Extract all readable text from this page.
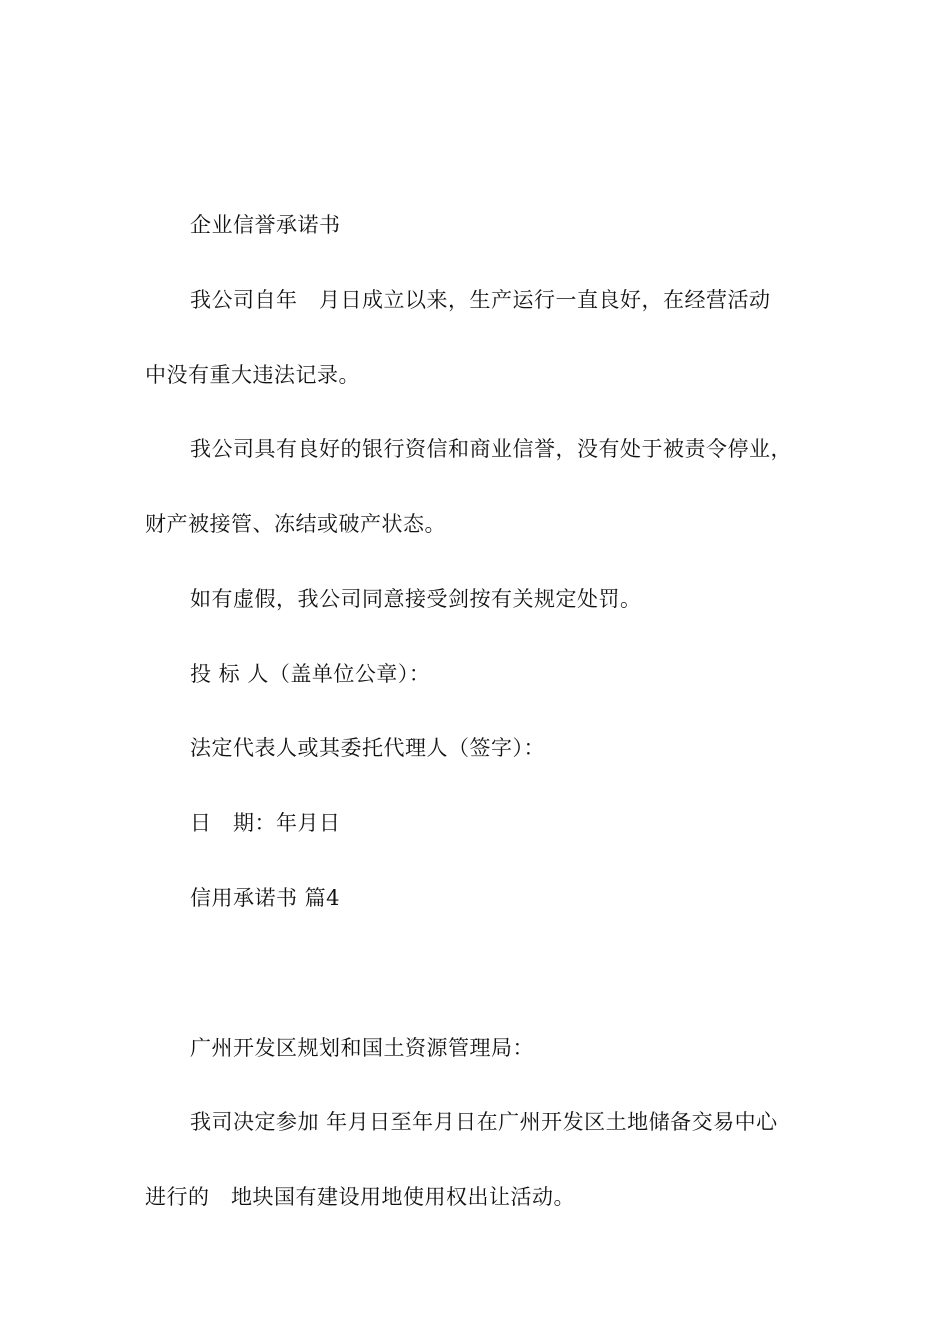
企业信誉承诺书
我公司自年　月日成立以来，生产运行一直良好，在经营活动
中没有重大违法记录。
我公司具有良好的银行资信和商业信誉，没有处于被责令停业，
财产被接管、冻结或破产状态。
如有虚假，我公司同意接受剑按有关规定处罚。
投 标 人（盖单位公章）：
法定代表人或其委托代理人（签字）：
日　期：年月日
信用承诺书 篇4
广州开发区规划和国土资源管理局：
我司决定参加 年月日至年月日在广州开发区土地储备交易中心
进行的　地块国有建设用地使用权出让活动。
